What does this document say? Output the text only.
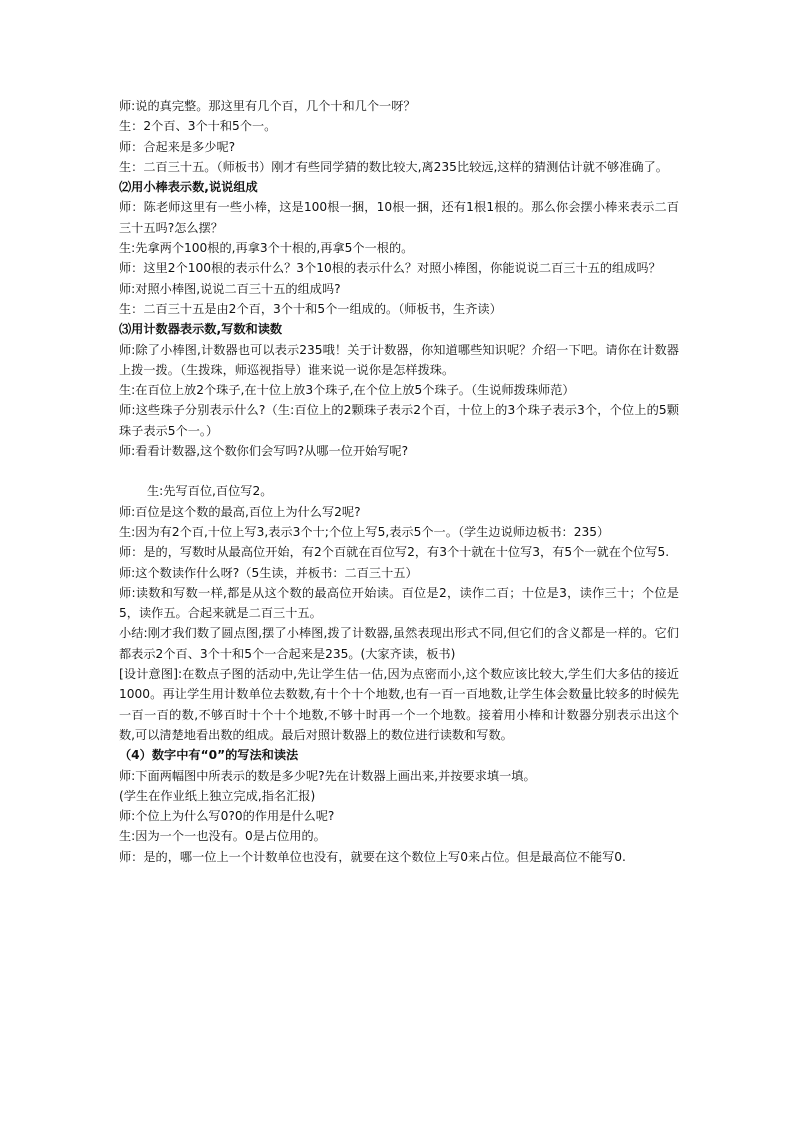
师:说的真完整。那这里有几个百，几个十和几个一呀？
生：2个百、3个十和5个一。
师：合起来是多少呢?
生：二百三十五。（师板书）刚才有些同学猜的数比较大,离235比较远,这样的猜测估计就不够准确了。
⑵用小棒表示数,说说组成
师：陈老师这里有一些小棒，这是100根一捆，10根一捆，还有1根1根的。那么你会摆小棒来表示二百三十五吗?怎么摆？
生:先拿两个100根的,再拿3个十根的,再拿5个一根的。
师：这里2个100根的表示什么？3个10根的表示什么？对照小棒图，你能说说二百三十五的组成吗？
师:对照小棒图,说说二百三十五的组成吗?
生：二百三十五是由2个百，3个十和5个一组成的。（师板书，生齐读）
⑶用计数器表示数,写数和读数
师:除了小棒图,计数器也可以表示235哦！关于计数器，你知道哪些知识呢？介绍一下吧。请你在计数器上拨一拨。（生拨珠，师巡视指导）谁来说一说你是怎样拨珠。
生:在百位上放2个珠子,在十位上放3个珠子,在个位上放5个珠子。（生说师拨珠师范）
师:这些珠子分别表示什么?（生:百位上的2颗珠子表示2个百，十位上的3个珠子表示3个，个位上的5颗珠子表示5个一。）
师:看看计数器,这个数你们会写吗?从哪一位开始写呢?
生:先写百位,百位写2。
师:百位是这个数的最高,百位上为什么写2呢?
生:因为有2个百,十位上写3,表示3个十;个位上写5,表示5个一。（学生边说师边板书：235）
师：是的，写数时从最高位开始，有2个百就在百位写2，有3个十就在十位写3，有5个一就在个位写5.
师:这个数读作什么呀?（5生读，并板书：二百三十五）
师:读数和写数一样,都是从这个数的最高位开始读。百位是2，读作二百；十位是3，读作三十；个位是5，读作五。合起来就是二百三十五。
小结:刚才我们数了圆点图,摆了小棒图,拨了计数器,虽然表现出形式不同,但它们的含义都是一样的。它们都表示2个百、3个十和5个一合起来是235。(大家齐读，板书)
[设计意图]:在数点子图的活动中,先让学生估一估,因为点密而小,这个数应该比较大,学生们大多估的接近1000。再让学生用计数单位去数数,有十个十个地数,也有一百一百地数,让学生体会数量比较多的时候先一百一百的数,不够百时十个十个地数,不够十时再一个一个地数。接着用小棒和计数器分别表示出这个数,可以清楚地看出数的组成。最后对照计数器上的数位进行读数和写数。
（4）数字中有“0”的写法和读法
师:下面两幅图中所表示的数是多少呢?先在计数器上画出来,并按要求填一填。
(学生在作业纸上独立完成,指名汇报)
师:个位上为什么写0?0的作用是什么呢?
生:因为一个一也没有。0是占位用的。
师：是的，哪一位上一个计数单位也没有，就要在这个数位上写0来占位。但是最高位不能写0.
